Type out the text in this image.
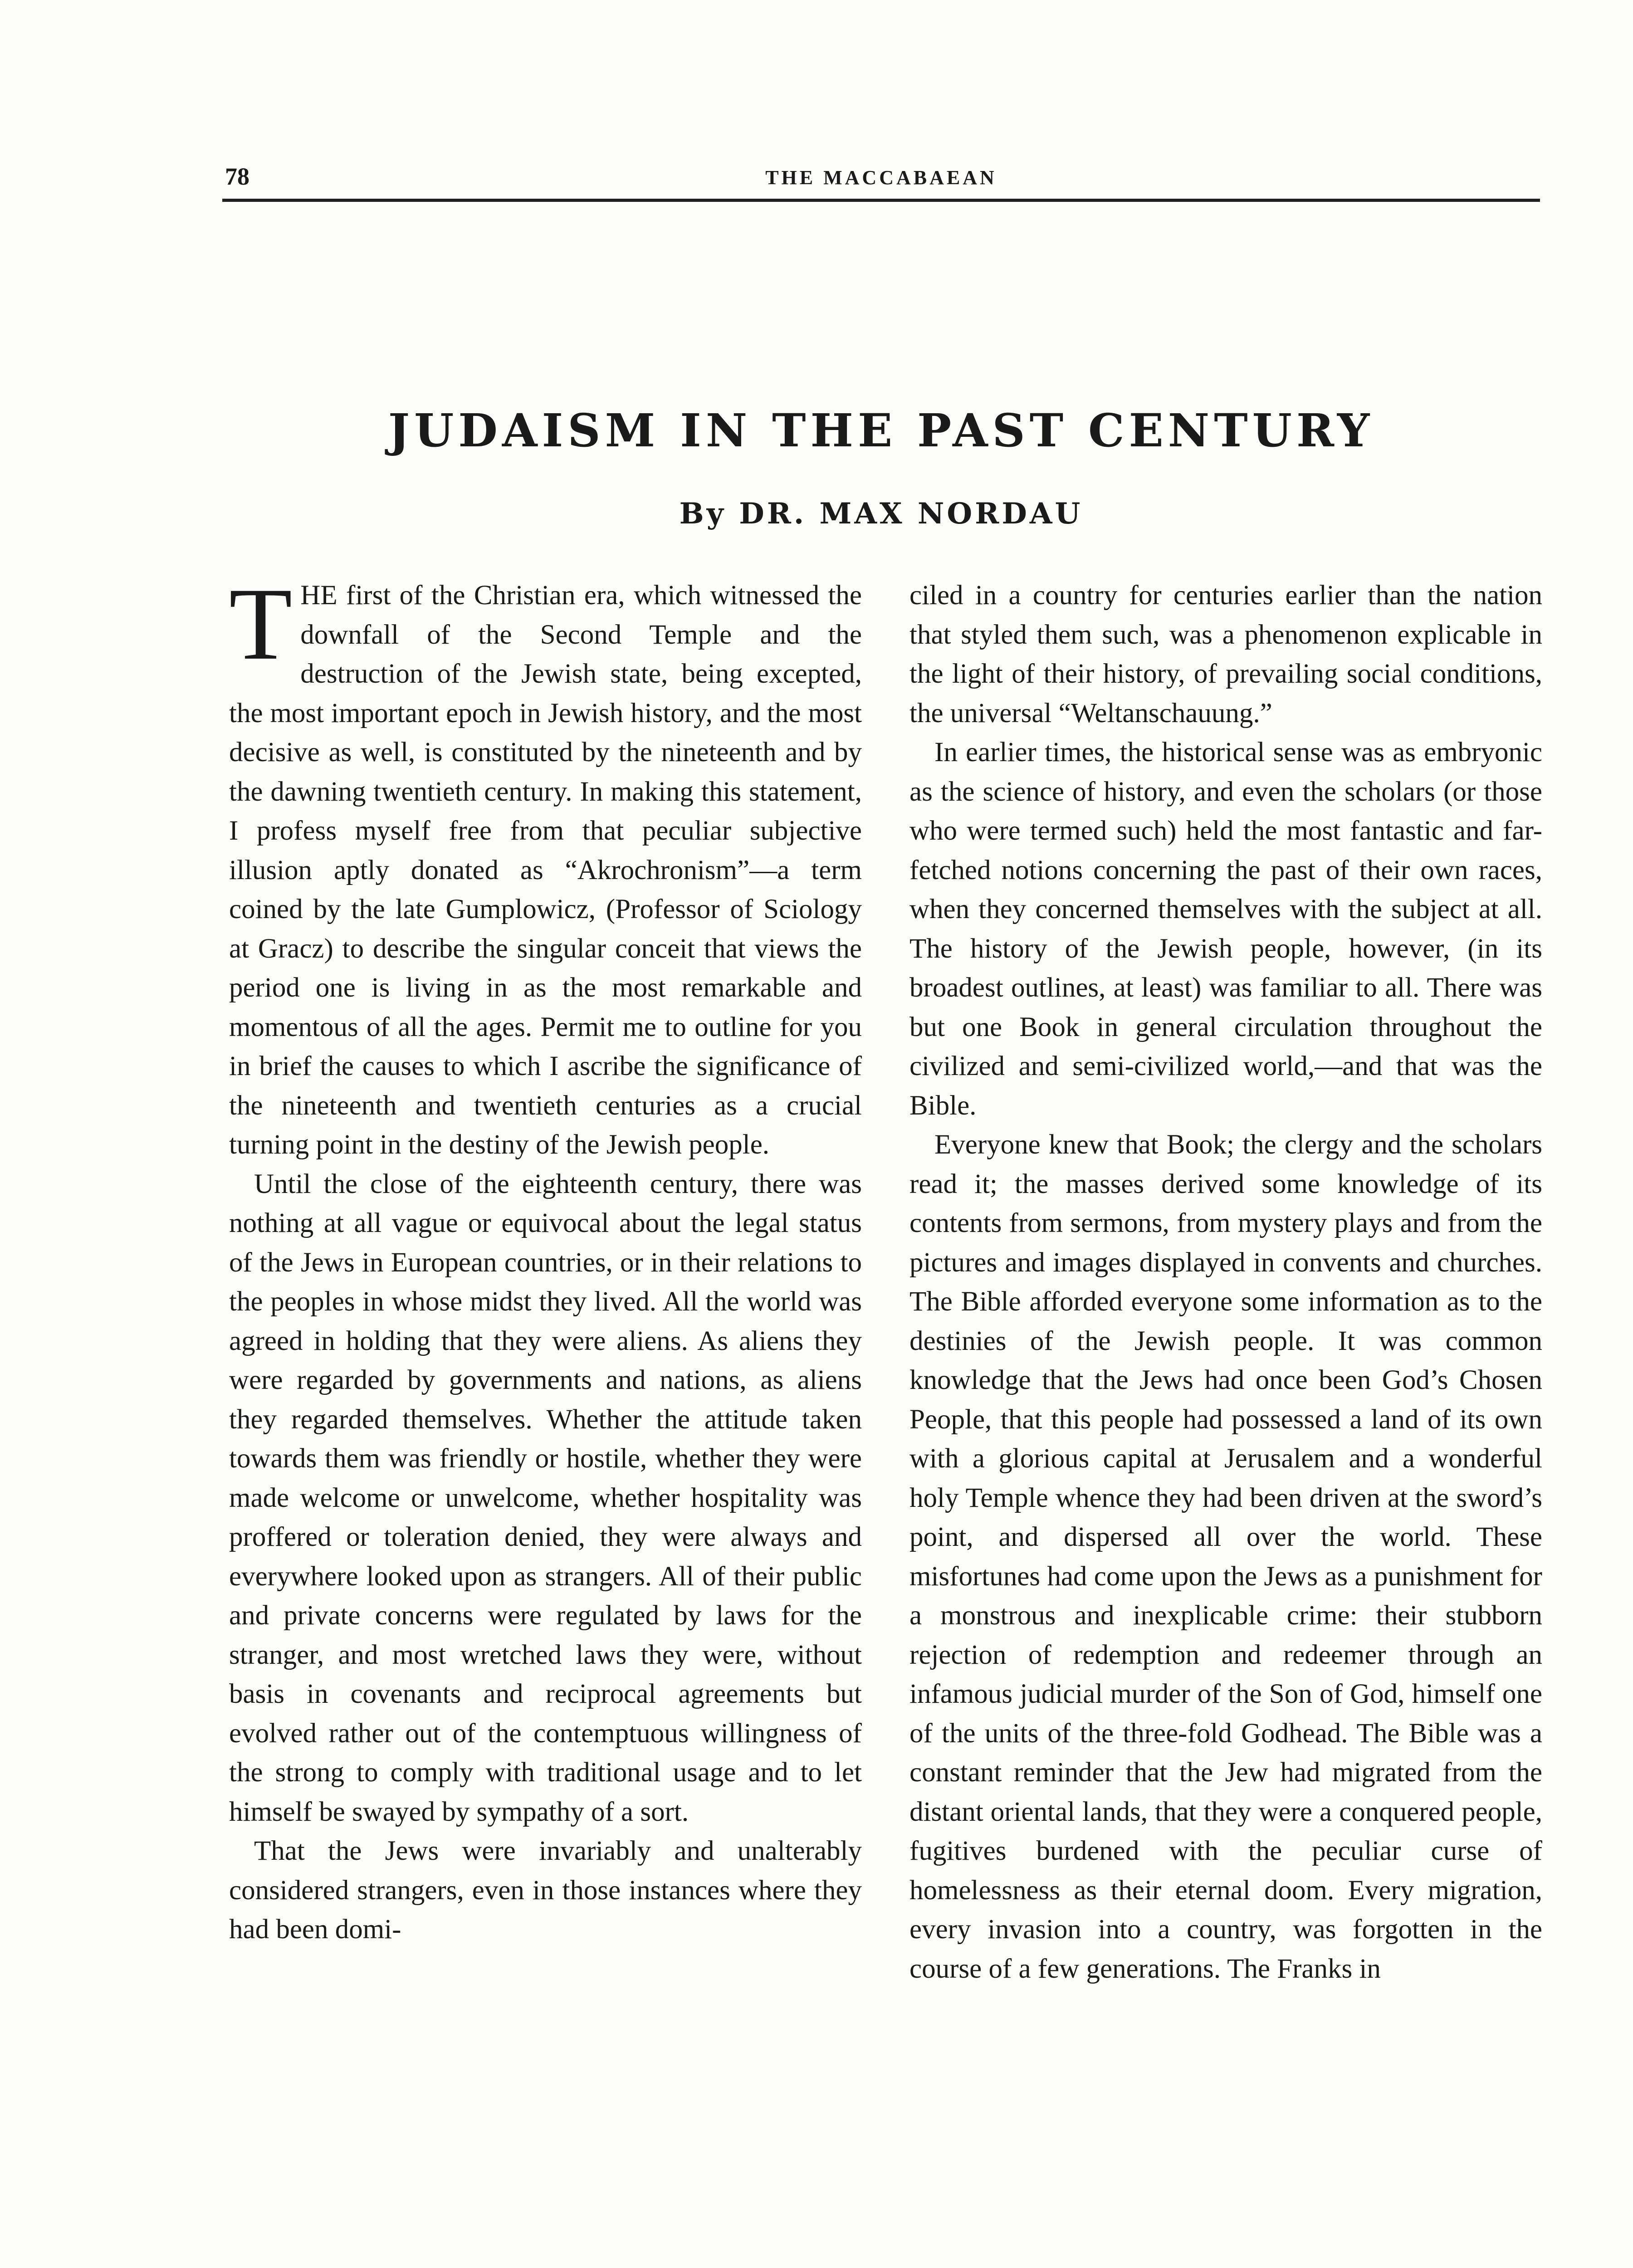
78	THE MACCABAEAN
JUDAISM IN THE PAST CENTURY
By DR. MAX NORDAU

THE first of the Christian era, which witnessed the downfall of the Second Temple and the destruction of the Jewish state, being excepted, the most important epoch in Jewish history, and the most decisive as well, is constituted by the nineteenth and by the dawning twentieth century. In making this statement, I profess myself free from that peculiar subjective illusion aptly donated as “Akrochronism”—a term coined by the late Gumplowicz, (Professor of Sciology at Gracz) to describe the singular conceit that views the period one is living in as the most remarkable and momentous of all the ages. Permit me to outline for you in brief the causes to which I ascribe the significance of the nineteenth and twentieth centuries as a crucial turning point in the destiny of the Jewish people.

Until the close of the eighteenth century, there was nothing at all vague or equivocal about the legal status of the Jews in European countries, or in their relations to the peoples in whose midst they lived. All the world was agreed in holding that they were aliens. As aliens they were regarded by governments and nations, as aliens they regarded themselves. Whether the attitude taken towards them was friendly or hostile, whether they were made welcome or unwelcome, whether hospitality was proffered or toleration denied, they were always and everywhere looked upon as strangers. All of their public and private concerns were regulated by laws for the stranger, and most wretched laws they were, without basis in covenants and reciprocal agreements but evolved rather out of the contemptuous willingness of the strong to comply with traditional usage and to let himself be swayed by sympathy of a sort.

That the Jews were invariably and unalterably considered strangers, even in those instances where they had been domi-

ciled in a country for centuries earlier than the nation that styled them such, was a phenomenon explicable in the light of their history, of prevailing social conditions, the universal “Weltanschauung.”

In earlier times, the historical sense was as embryonic as the science of history, and even the scholars (or those who were termed such) held the most fantastic and far-fetched notions concerning the past of their own races, when they concerned themselves with the subject at all. The history of the Jewish people, however, (in its broadest outlines, at least) was familiar to all. There was but one Book in general circulation throughout the civilized and semi-civilized world,—and that was the Bible.

Everyone knew that Book; the clergy and the scholars read it; the masses derived some knowledge of its contents from sermons, from mystery plays and from the pictures and images displayed in convents and churches. The Bible afforded everyone some information as to the destinies of the Jewish people. It was common knowledge that the Jews had once been God’s Chosen People, that this people had possessed a land of its own with a glorious capital at Jerusalem and a wonderful holy Temple whence they had been driven at the sword’s point, and dispersed all over the world. These misfortunes had come upon the Jews as a punishment for a monstrous and inexplicable crime: their stubborn rejection of redemption and redeemer through an infamous judicial murder of the Son of God, himself one of the units of the three-fold Godhead. The Bible was a constant reminder that the Jew had migrated from the distant oriental lands, that they were a conquered people, fugitives burdened with the peculiar curse of homelessness as their eternal doom. Every migration, every invasion into a country, was forgotten in the course of a few generations. The Franks in
